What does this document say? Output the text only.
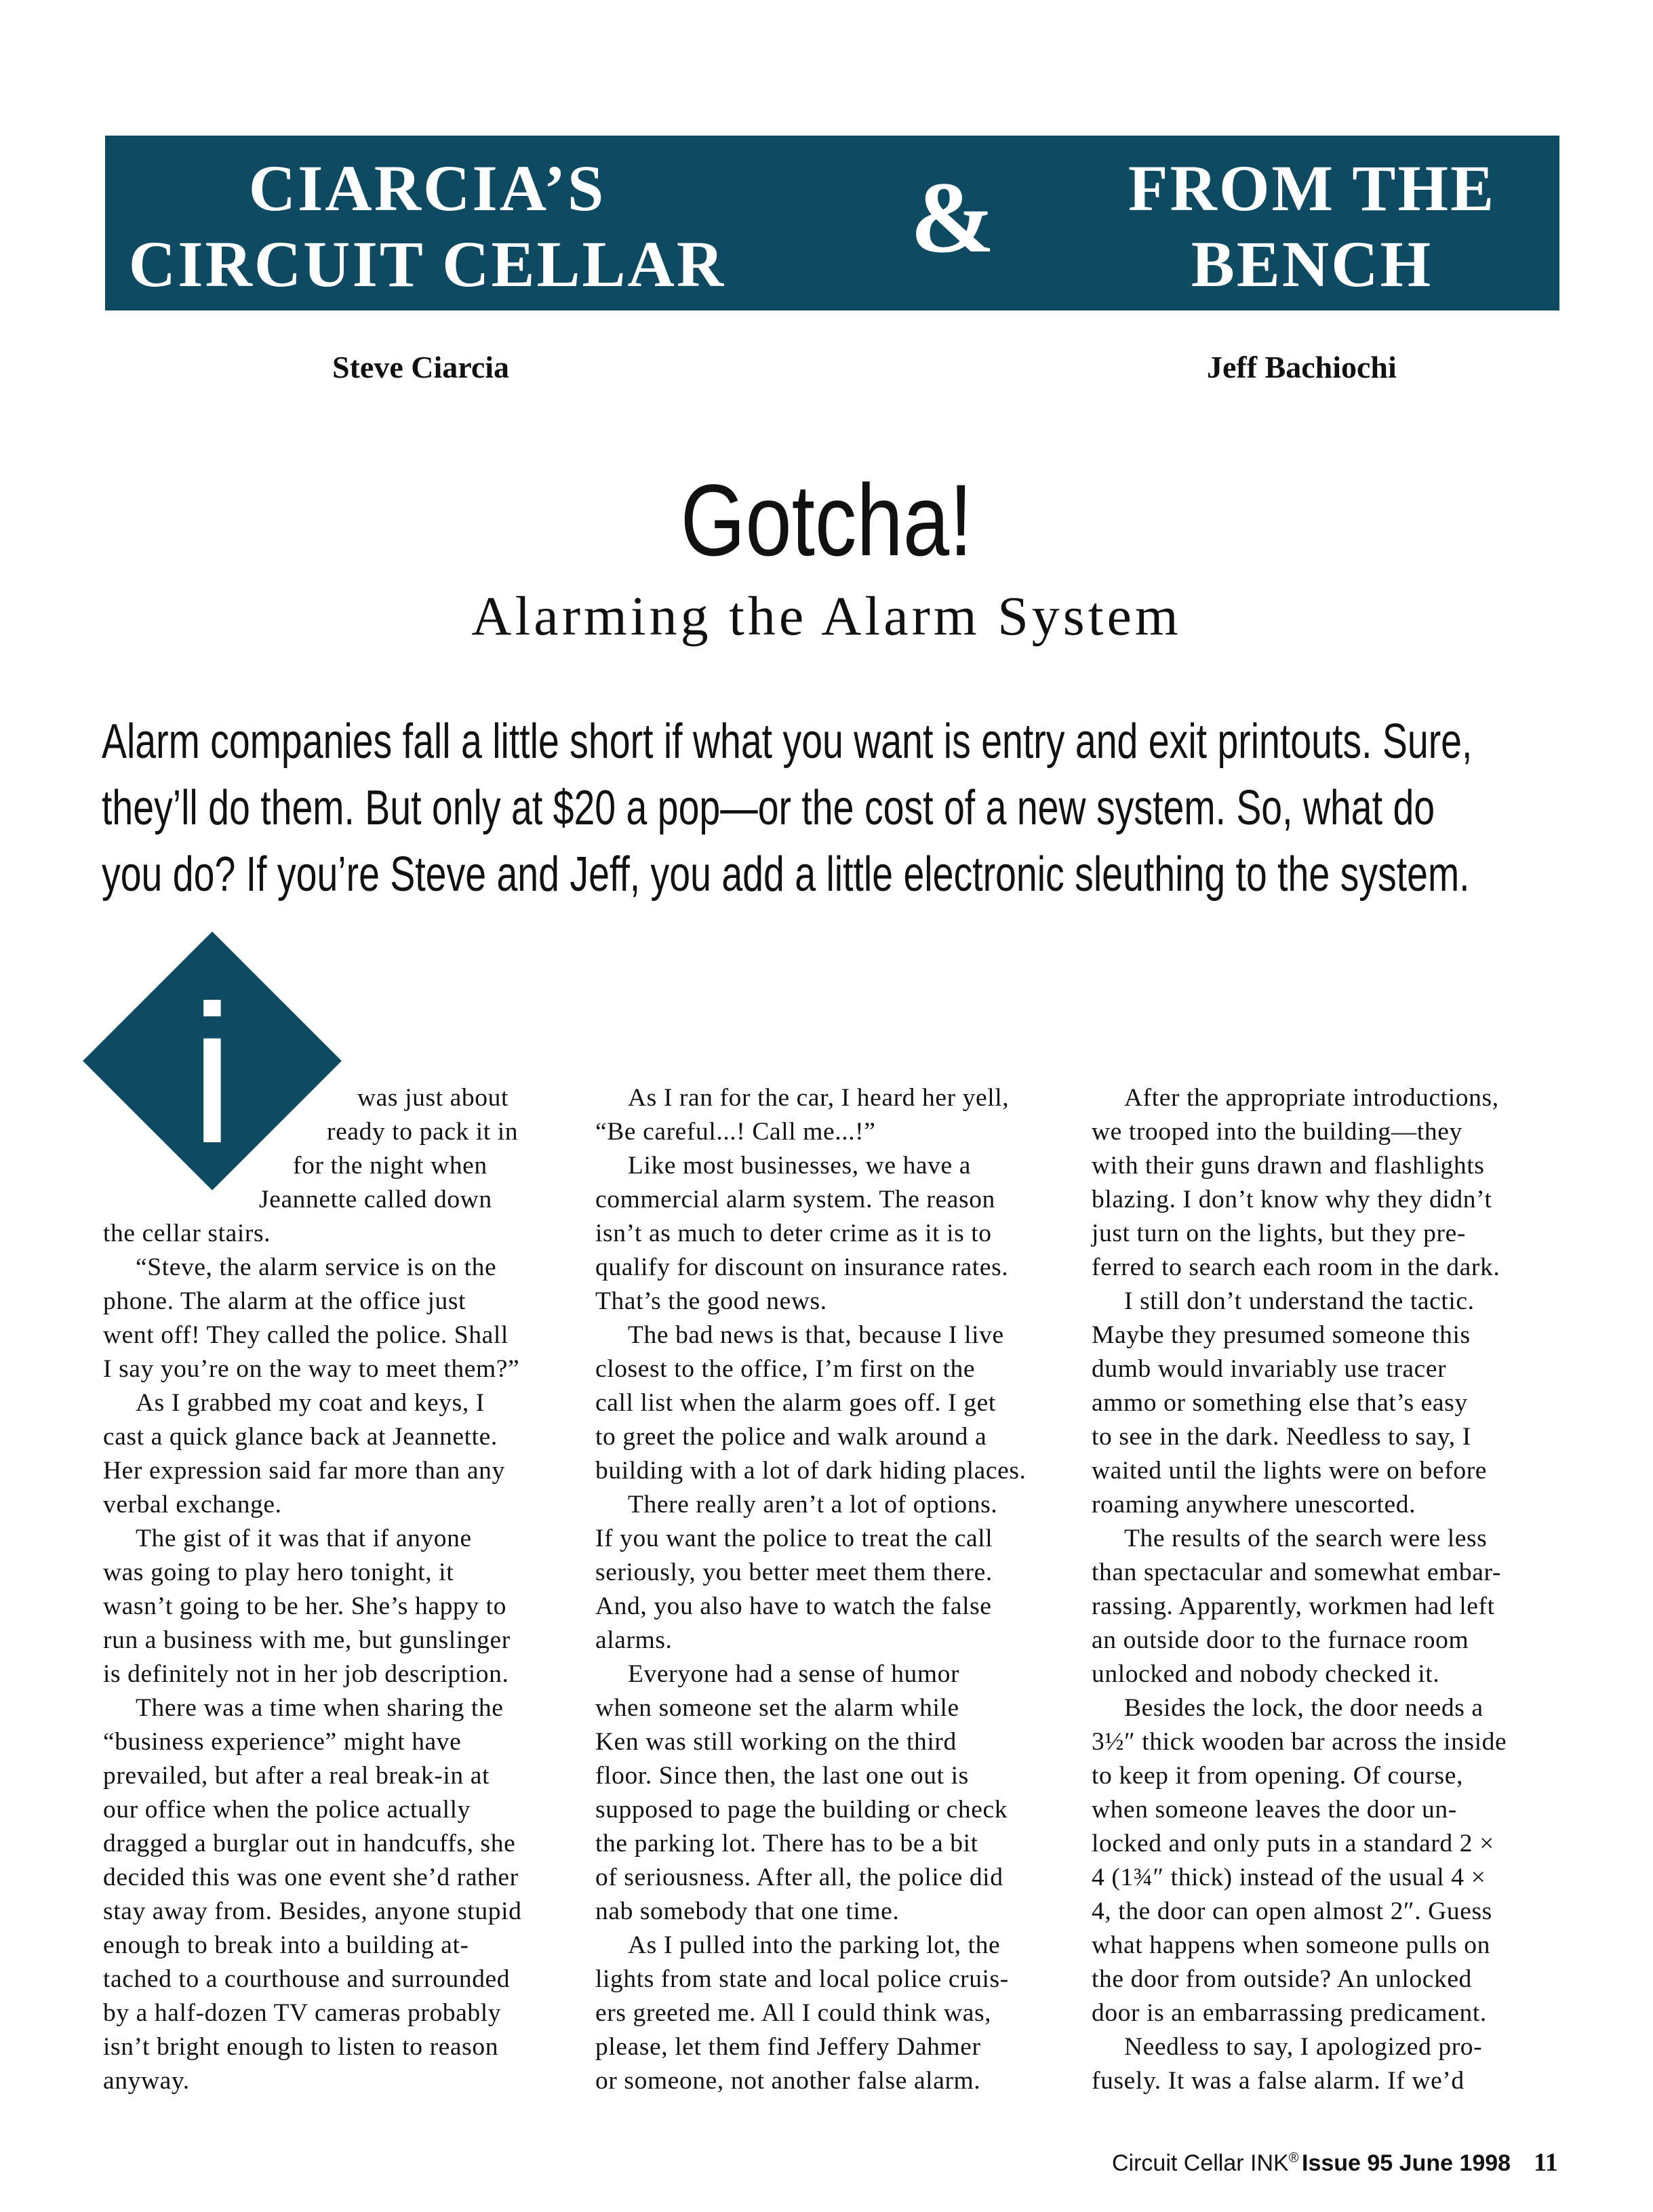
CIARCIA’S
CIRCUIT CELLAR &	FROM THE
BENCH
Steve Ciarcia	Jeff Bachiochi
Gotcha!
Alarming the Alarm System
Alarm companies fall a little short if what you want is entry and exit printouts. Sure,
they’ll do them. But only at $20 a pop—or the cost of a new system. So, what do
you do? If you’re Steve and Jeff, you add a little electronic sleuthing to the system.
i	was just about
ready to pack it in
for the night when
Jeannette called down
the cellar stairs.
“Steve, the alarm service is on the
phone. The alarm at the office just
went off! They called the police. Shall
I say you’re on the way to meet them?”
As I grabbed my coat and keys, I
cast a quick glance back at Jeannette.
Her expression said far more than any
verbal exchange.
The gist of it was that if anyone
was going to play hero tonight, it
wasn’t going to be her. She’s happy to
run a business with me, but gunslinger
is definitely not in her job description.
There was a time when sharing the
“business experience” might have
prevailed, but after a real break-in at
our office when the police actually
dragged a burglar out in handcuffs, she
decided this was one event she’d rather
stay away from. Besides, anyone stupid
enough to break into a building at-
tached to a courthouse and surrounded
by a half-dozen TV cameras probably
isn’t bright enough to listen to reason
anyway.
As I ran for the car, I heard her yell,
“Be careful...! Call me...!”
Like most businesses, we have a
commercial alarm system. The reason
isn’t as much to deter crime as it is to
qualify for discount on insurance rates.
That’s the good news.
The bad news is that, because I live
closest to the office, I’m first on the
call list when the alarm goes off. I get
to greet the police and walk around a
building with a lot of dark hiding places.
There really aren’t a lot of options.
If you want the police to treat the call
seriously, you better meet them there.
And, you also have to watch the false
alarms.
Everyone had a sense of humor
when someone set the alarm while
Ken was still working on the third
floor. Since then, the last one out is
supposed to page the building or check
the parking lot. There has to be a bit
of seriousness. After all, the police did
nab somebody that one time.
As I pulled into the parking lot, the
lights from state and local police cruis-
ers greeted me. All I could think was,
please, let them find Jeffery Dahmer
or someone, not another false alarm.
After the appropriate introductions,
we trooped into the building—they
with their guns drawn and flashlights
blazing. I don’t know why they didn’t
just turn on the lights, but they pre-
ferred to search each room in the dark.
I still don’t understand the tactic.
Maybe they presumed someone this
dumb would invariably use tracer
ammo or something else that’s easy
to see in the dark. Needless to say, I
waited until the lights were on before
roaming anywhere unescorted.
The results of the search were less
than spectacular and somewhat embar-
rassing. Apparently, workmen had left
an outside door to the furnace room
unlocked and nobody checked it.
Besides the lock, the door needs a
3½″ thick wooden bar across the inside
to keep it from opening. Of course,
when someone leaves the door un-
locked and only puts in a standard 2 ×
4 (1¾″ thick) instead of the usual 4 ×
4, the door can open almost 2″. Guess
what happens when someone pulls on
the door from outside? An unlocked
door is an embarrassing predicament.
Needless to say, I apologized pro-
fusely. It was a false alarm. If we’d
Circuit Cellar INK® Issue 95 June 1998 11
